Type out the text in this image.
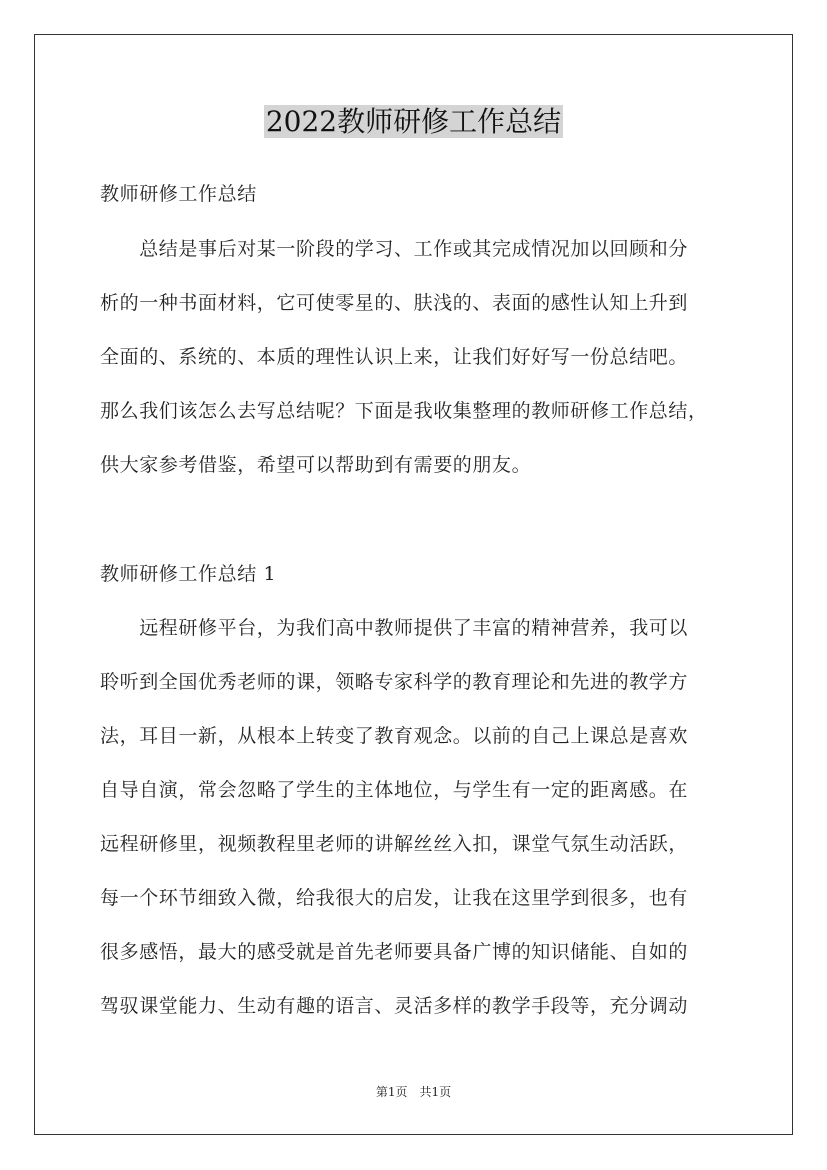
2022教师研修工作总结
教师研修工作总结
　　总结是事后对某一阶段的学习、工作或其完成情况加以回顾和分
析的一种书面材料，它可使零星的、肤浅的、表面的感性认知上升到
全面的、系统的、本质的理性认识上来，让我们好好写一份总结吧。
那么我们该怎么去写总结呢？下面是我收集整理的教师研修工作总结，
供大家参考借鉴，希望可以帮助到有需要的朋友。
教师研修工作总结 1
　　远程研修平台，为我们高中教师提供了丰富的精神营养，我可以
聆听到全国优秀老师的课，领略专家科学的教育理论和先进的教学方
法，耳目一新，从根本上转变了教育观念。以前的自己上课总是喜欢
自导自演，常会忽略了学生的主体地位，与学生有一定的距离感。在
远程研修里，视频教程里老师的讲解丝丝入扣，课堂气氛生动活跃，
每一个环节细致入微，给我很大的启发，让我在这里学到很多，也有
很多感悟，最大的感受就是首先老师要具备广博的知识储能、自如的
驾驭课堂能力、生动有趣的语言、灵活多样的教学手段等，充分调动
第1页　共1页
